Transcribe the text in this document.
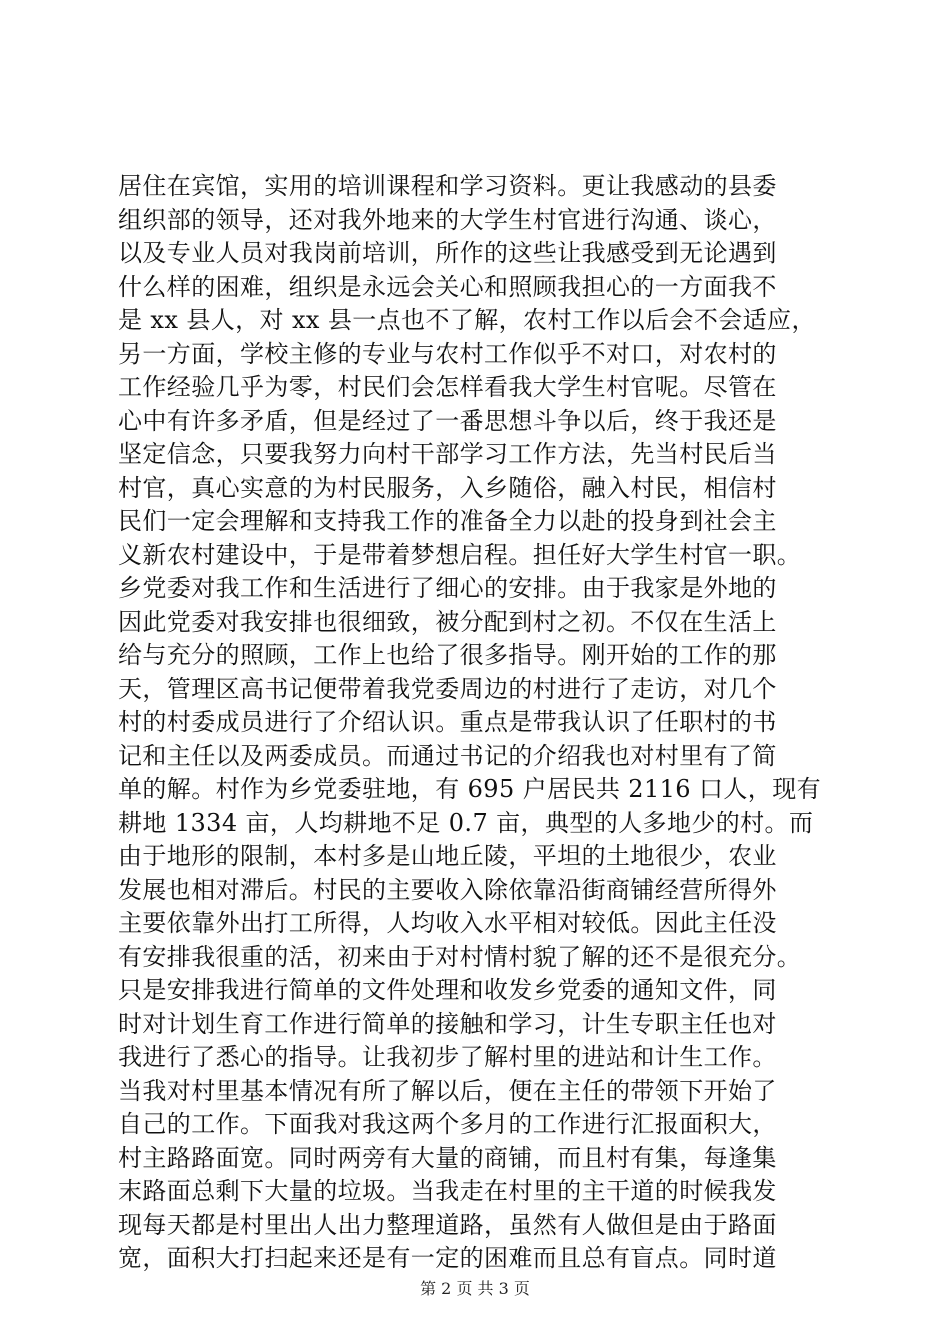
居住在宾馆，实用的培训课程和学习资料。更让我感动的县委
组织部的领导，还对我外地来的大学生村官进行沟通、谈心，
以及专业人员对我岗前培训，所作的这些让我感受到无论遇到
什么样的困难，组织是永远会关心和照顾我担心的一方面我不
是 xx 县人，对 xx 县一点也不了解，农村工作以后会不会适应，
另一方面，学校主修的专业与农村工作似乎不对口，对农村的
工作经验几乎为零，村民们会怎样看我大学生村官呢。尽管在
心中有许多矛盾，但是经过了一番思想斗争以后，终于我还是
坚定信念，只要我努力向村干部学习工作方法，先当村民后当
村官，真心实意的为村民服务，入乡随俗，融入村民，相信村
民们一定会理解和支持我工作的准备全力以赴的投身到社会主
义新农村建设中，于是带着梦想启程。担任好大学生村官一职。
乡党委对我工作和生活进行了细心的安排。由于我家是外地的
因此党委对我安排也很细致，被分配到村之初。不仅在生活上
给与充分的照顾，工作上也给了很多指导。刚开始的工作的那
天，管理区高书记便带着我党委周边的村进行了走访，对几个
村的村委成员进行了介绍认识。重点是带我认识了任职村的书
记和主任以及两委成员。而通过书记的介绍我也对村里有了简
单的解。村作为乡党委驻地，有 695 户居民共 2116 口人，现有
耕地 1334 亩，人均耕地不足 0.7 亩，典型的人多地少的村。而
由于地形的限制，本村多是山地丘陵，平坦的土地很少，农业
发展也相对滞后。村民的主要收入除依靠沿街商铺经营所得外
主要依靠外出打工所得，人均收入水平相对较低。因此主任没
有安排我很重的活，初来由于对村情村貌了解的还不是很充分。
只是安排我进行简单的文件处理和收发乡党委的通知文件，同
时对计划生育工作进行简单的接触和学习，计生专职主任也对
我进行了悉心的指导。让我初步了解村里的进站和计生工作。
当我对村里基本情况有所了解以后，便在主任的带领下开始了
自己的工作。下面我对我这两个多月的工作进行汇报面积大，
村主路路面宽。同时两旁有大量的商铺，而且村有集，每逢集
末路面总剩下大量的垃圾。当我走在村里的主干道的时候我发
现每天都是村里出人出力整理道路，虽然有人做但是由于路面
宽，面积大打扫起来还是有一定的困难而且总有盲点。同时道
第 2 页 共 3 页
